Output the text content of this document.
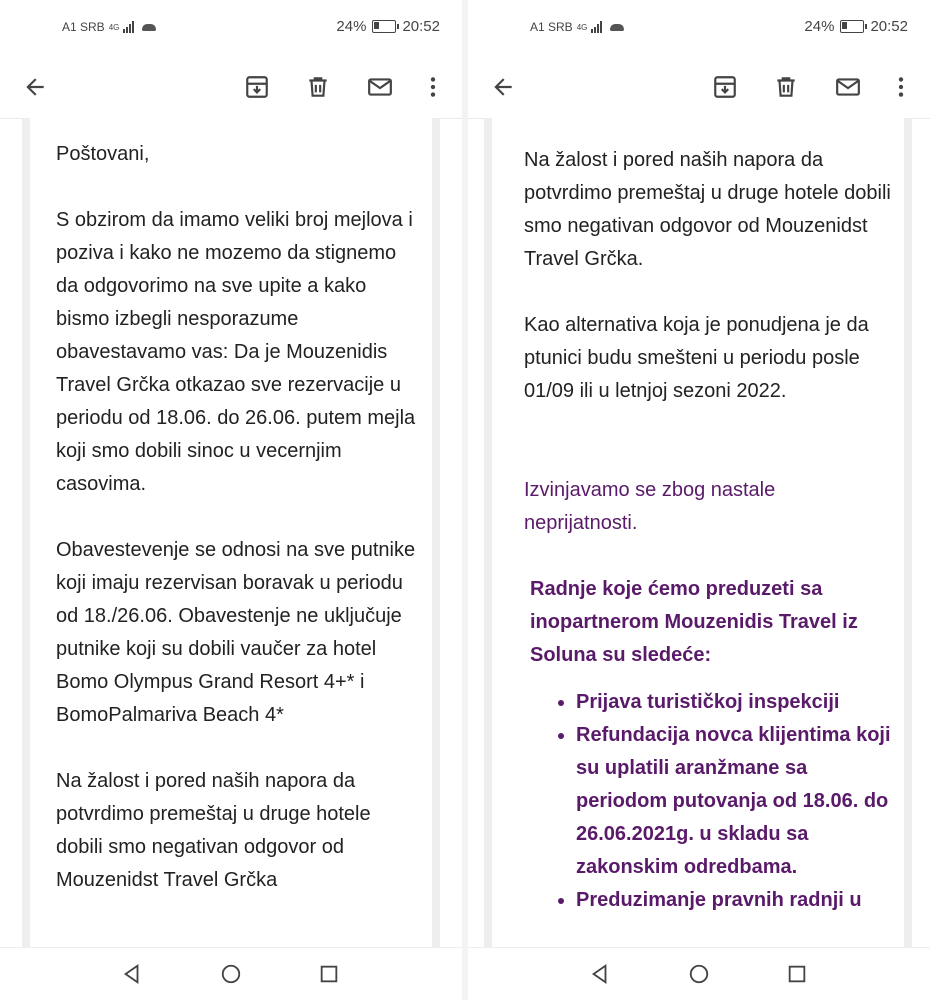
A1 SRB 4G	24% 20:52

Poštovani,

S obzirom da imamo veliki broj mejlova i poziva i kako ne mozemo da stignemo da odgovorimo na sve upite a kako bismo izbegli nesporazume obavestavamo vas: Da je Mouzenidis Travel Grčka otkazao sve rezervacije u periodu od 18.06. do 26.06. putem mejla koji smo dobili sinoc u vecernjim casovima.

Obavestevenje se odnosi na sve putnike koji imaju rezervisan boravak u periodu od 18./26.06. Obavestenje ne uključuje putnike koji su dobili vaučer za hotel Bomo Olympus Grand Resort 4+* i BomoPalmariva Beach 4*

Na žalost i pored naših napora da potvrdimo premeštaj u druge hotele dobili smo negativan odgovor od Mouzenidst Travel Grčka

A1 SRB 4G	24% 20:52

Na žalost i pored naših napora da potvrdimo premeštaj u druge hotele dobili smo negativan odgovor od Mouzenidst Travel Grčka.

Kao alternativa koja je ponudjena je da ptunici budu smešteni u periodu posle 01/09 ili u letnjoj sezoni 2022.

Izvinjavamo se zbog nastale neprijatnosti.

Radnje koje ćemo preduzeti sa inopartnerom Mouzenidis Travel iz Soluna su sledeće:

• Prijava turističkoj inspekciji
• Refundacija novca klijentima koji su uplatili aranžmane sa periodom putovanja od 18.06. do 26.06.2021g. u skladu sa zakonskim odredbama.
• Preduzimanje pravnih radnji u
